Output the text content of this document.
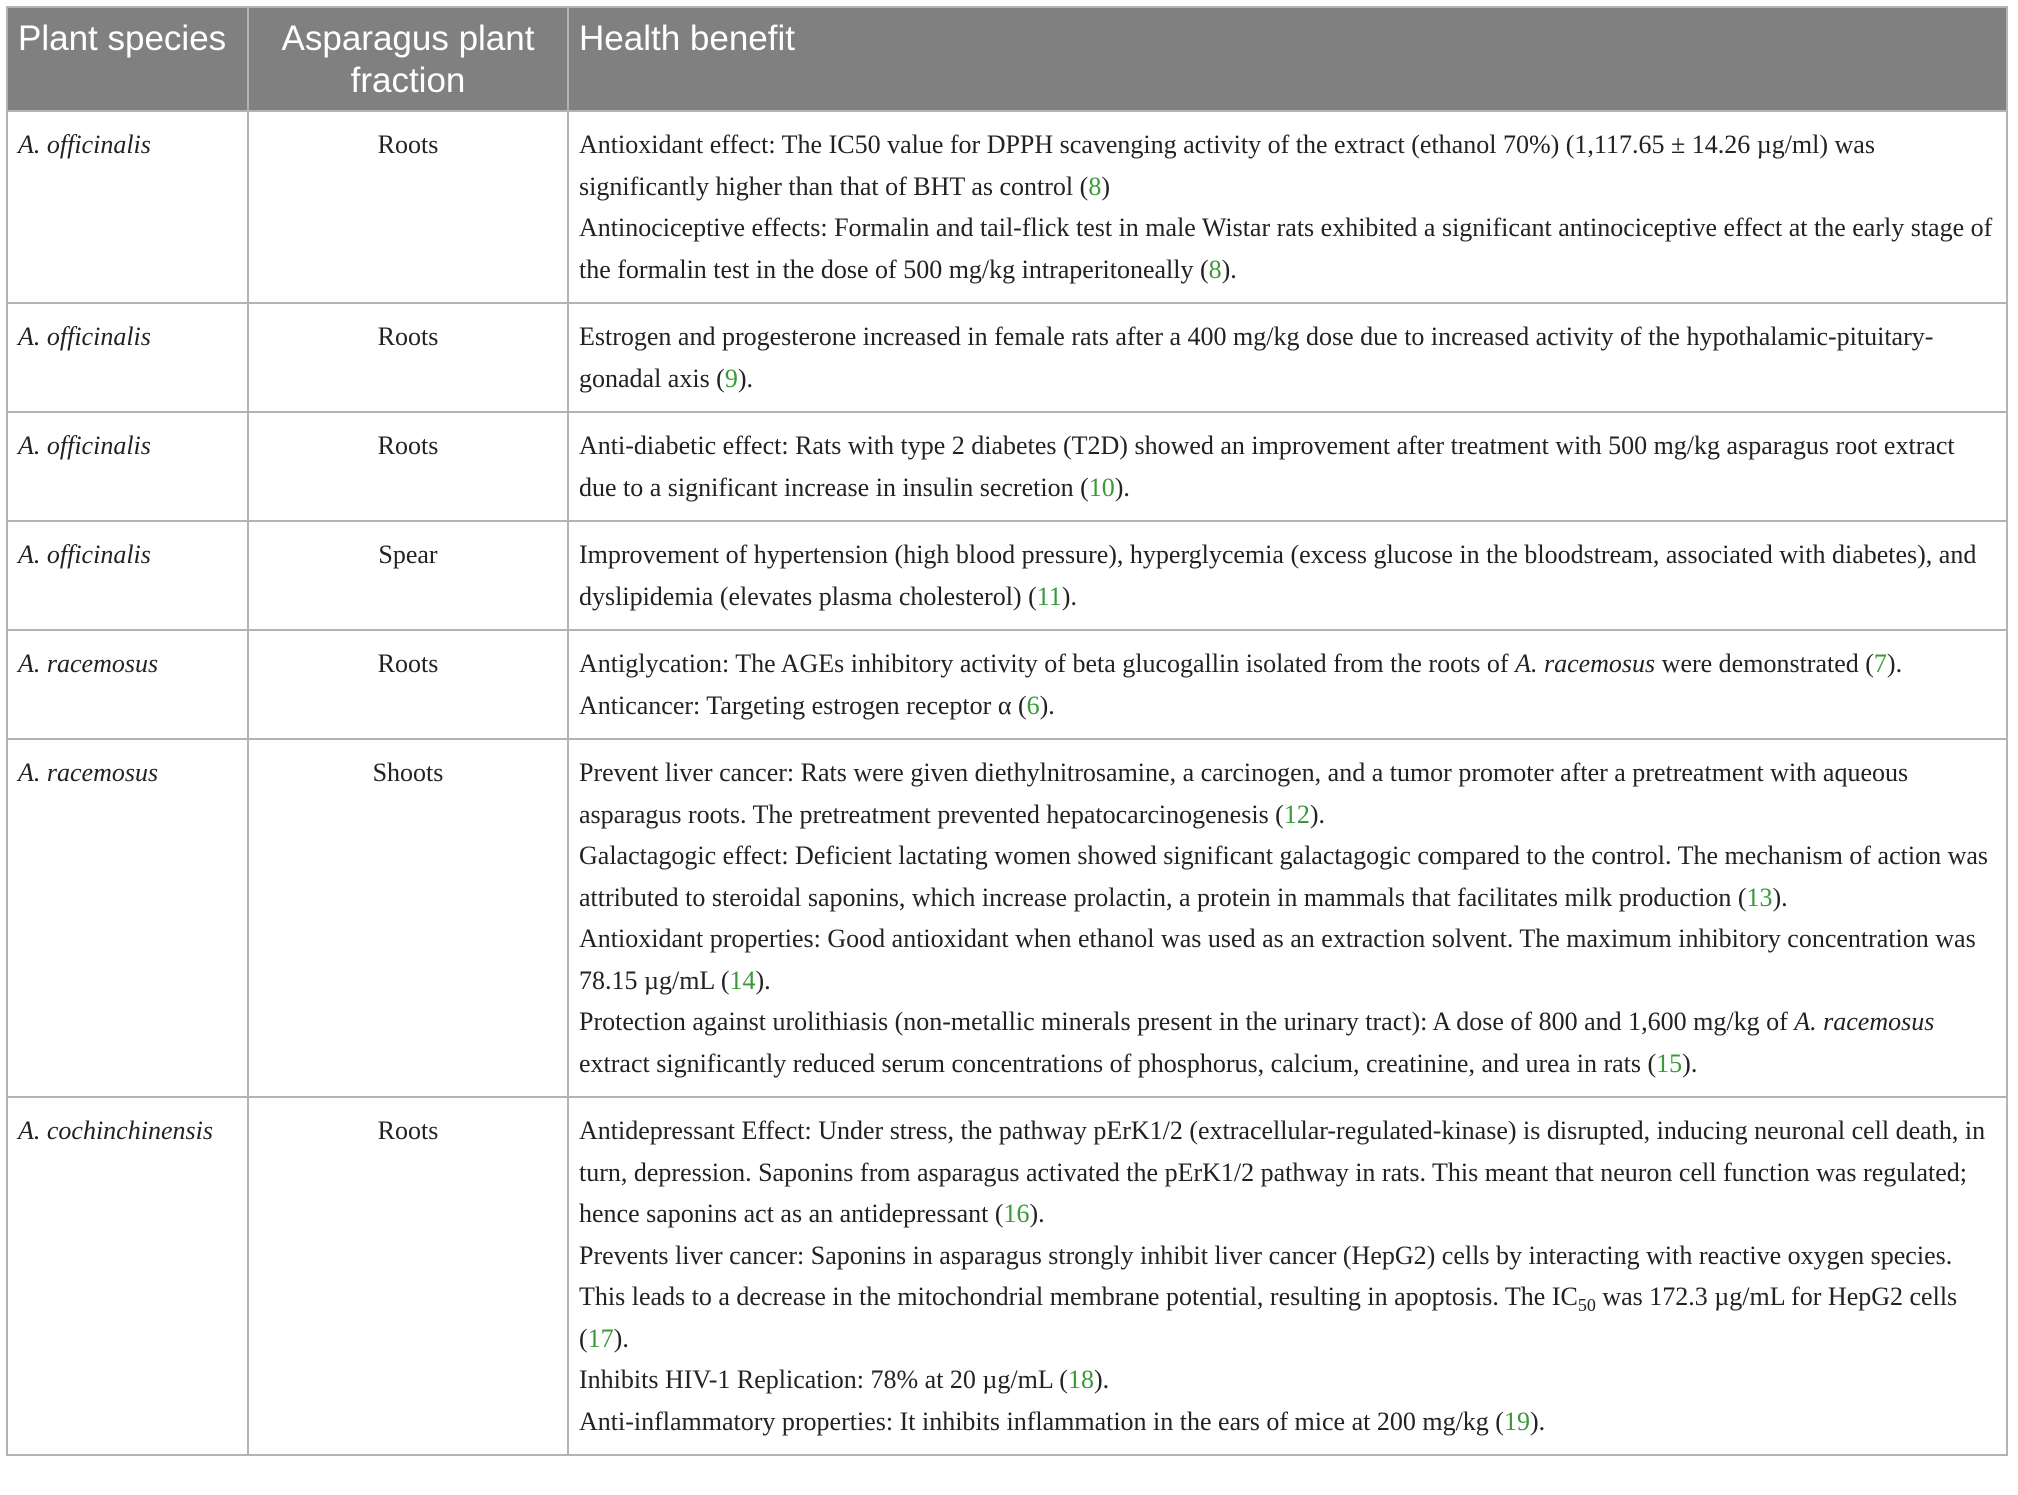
Plant species	Asparagus plant fraction	Health benefit
A. officinalis	Roots	Antioxidant effect: The IC50 value for DPPH scavenging activity of the extract (ethanol 70%) (1,117.65 ± 14.26 µg/ml) was significantly higher than that of BHT as control (8)
Antinociceptive effects: Formalin and tail-flick test in male Wistar rats exhibited a significant antinociceptive effect at the early stage of the formalin test in the dose of 500 mg/kg intraperitoneally (8).

A. officinalis	Roots	Estrogen and progesterone increased in female rats after a 400 mg/kg dose due to increased activity of the hypothalamic-pituitary-gonadal axis (9).

A. officinalis	Roots	Anti-diabetic effect: Rats with type 2 diabetes (T2D) showed an improvement after treatment with 500 mg/kg asparagus root extract due to a significant increase in insulin secretion (10).

A. officinalis	Spear	Improvement of hypertension (high blood pressure), hyperglycemia (excess glucose in the bloodstream, associated with diabetes), and dyslipidemia (elevates plasma cholesterol) (11).

A. racemosus	Roots	Antiglycation: The AGEs inhibitory activity of beta glucogallin isolated from the roots of A. racemosus were demonstrated (7).
Anticancer: Targeting estrogen receptor α (6).

A. racemosus	Shoots	Prevent liver cancer: Rats were given diethylnitrosamine, a carcinogen, and a tumor promoter after a pretreatment with aqueous asparagus roots. The pretreatment prevented hepatocarcinogenesis (12).
Galactagogic effect: Deficient lactating women showed significant galactagogic compared to the control. The mechanism of action was attributed to steroidal saponins, which increase prolactin, a protein in mammals that facilitates milk production (13).
Antioxidant properties: Good antioxidant when ethanol was used as an extraction solvent. The maximum inhibitory concentration was 78.15 µg/mL (14).
Protection against urolithiasis (non-metallic minerals present in the urinary tract): A dose of 800 and 1,600 mg/kg of A. racemosus extract significantly reduced serum concentrations of phosphorus, calcium, creatinine, and urea in rats (15).

A. cochinchinensis	Roots	Antidepressant Effect: Under stress, the pathway pErK1/2 (extracellular-regulated-kinase) is disrupted, inducing neuronal cell death, in turn, depression. Saponins from asparagus activated the pErK1/2 pathway in rats. This meant that neuron cell function was regulated; hence saponins act as an antidepressant (16).
Prevents liver cancer: Saponins in asparagus strongly inhibit liver cancer (HepG2) cells by interacting with reactive oxygen species. This leads to a decrease in the mitochondrial membrane potential, resulting in apoptosis. The $IC_{50}$ was 172.3 µg/mL for HepG2 cells (17).
Inhibits HIV-1 Replication: 78% at 20 µg/mL (18).
Anti-inflammatory properties: It inhibits inflammation in the ears of mice at 200 mg/kg (19).
